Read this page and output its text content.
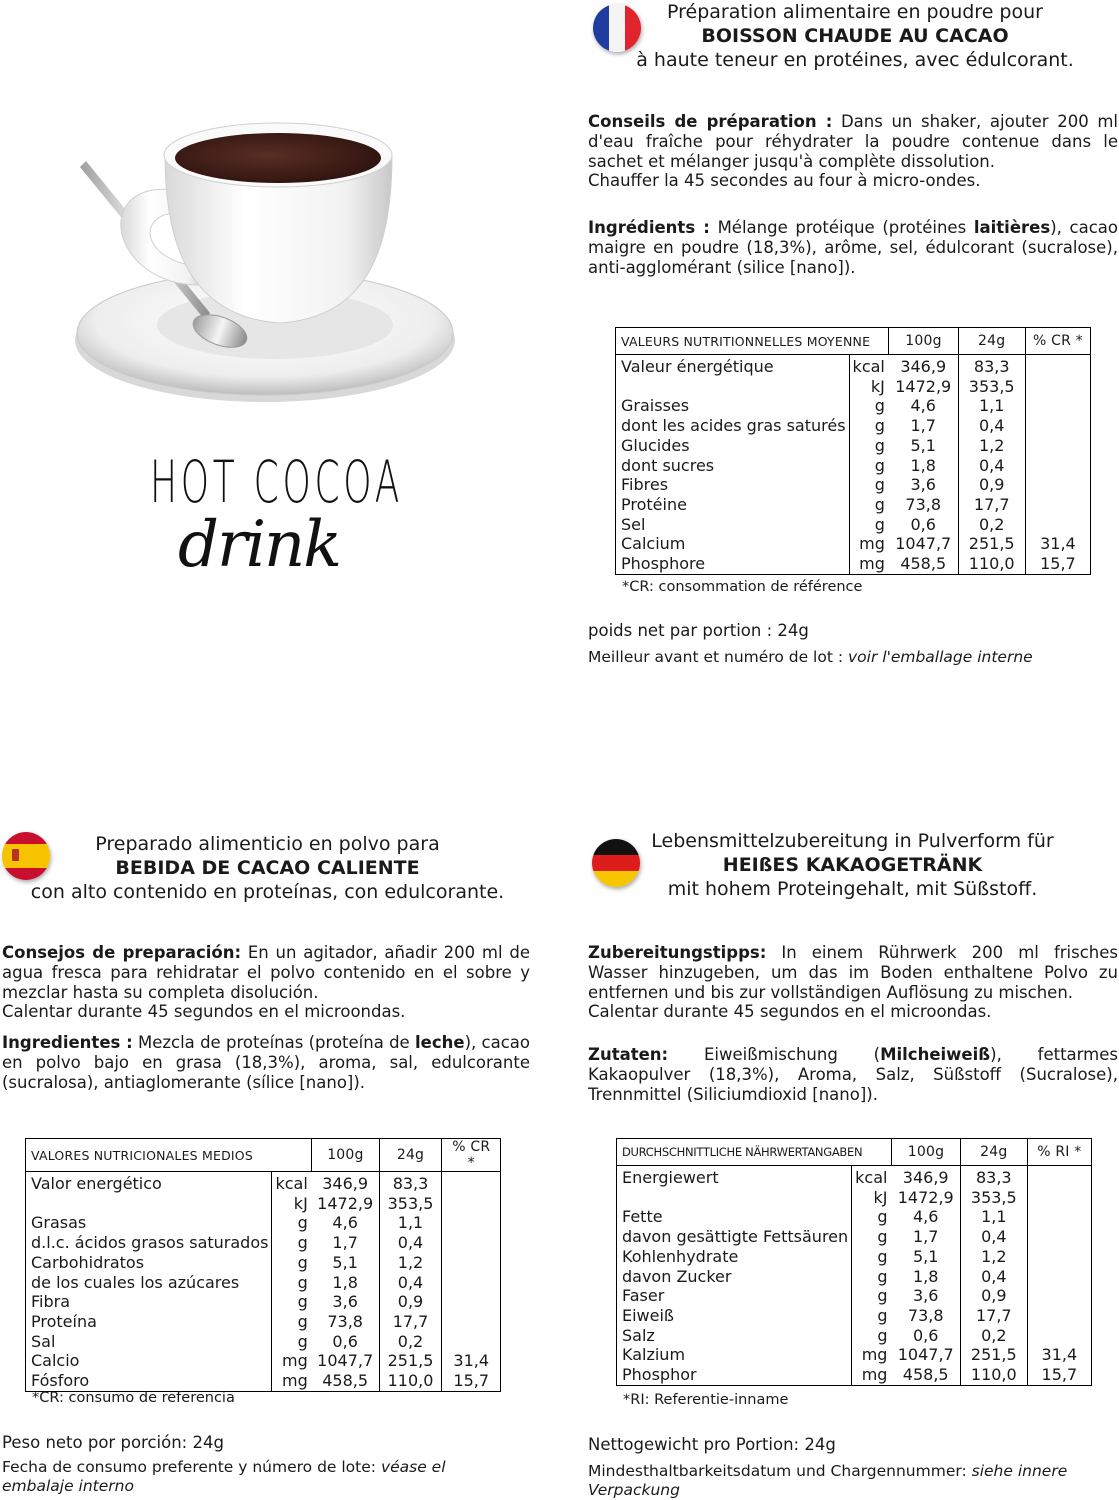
HOT COCOA
drink
Préparation alimentaire en poudre pour
BOISSON CHAUDE AU CACAO
à haute teneur en protéines, avec édulcorant.

Conseils de préparation : Dans un shaker, ajouter 200 ml d'eau fraîche pour réhydrater la poudre contenue dans le sachet et mélanger jusqu'à complète dissolution.

Chauffer la 45 secondes au four à micro-ondes.

Ingrédients : Mélange protéique (protéines laitières), cacao maigre en poudre (18,3%), arôme, sel, édulcorant (sucralose), anti-agglomérant (silice [nano]).

VALEURS NUTRITIONNELLES MOYENNE		100g	24g	% CR *
Valeur énergétique	kcal	346,9	83,3	
	kJ	1472,9	353,5	
Graisses	g	4,6	1,1	
dont les acides gras saturés	g	1,7	0,4	
Glucides	g	5,1	1,2	
dont sucres	g	1,8	0,4	
Fibres	g	3,6	0,9	
Protéine	g	73,8	17,7	
Sel	g	0,6	0,2	
Calcium	mg	1047,7	251,5	31,4
Phosphore	mg	458,5	110,0	15,7
*CR: consommation de référence
poids net par portion : 24g
Meilleur avant et numéro de lot : voir l'emballage interne
Preparado alimenticio en polvo para
BEBIDA DE CACAO CALIENTE
con alto contenido en proteínas, con edulcorante.

Consejos de preparación: En un agitador, añadir 200 ml de agua fresca para rehidratar el polvo contenido en el sobre y mezclar hasta su completa disolución.

Calentar durante 45 segundos en el microondas.

Ingredientes : Mezcla de proteínas (proteína de leche), cacao en polvo bajo en grasa (18,3%), aroma, sal, edulcorante (sucralosa), antiaglomerante (sílice [nano]).

VALORES NUTRICIONALES MEDIOS		100g	24g	% CR *
Valor energético	kcal	346,9	83,3	
	kJ	1472,9	353,5	
Grasas	g	4,6	1,1	
d.l.c. ácidos grasos saturados	g	1,7	0,4	
Carbohidratos	g	5,1	1,2	
de los cuales los azúcares	g	1,8	0,4	
Fibra	g	3,6	0,9	
Proteína	g	73,8	17,7	
Sal	g	0,6	0,2	
Calcio	mg	1047,7	251,5	31,4
Fósforo	mg	458,5	110,0	15,7
*CR: consumo de referencia
Peso neto por porción: 24g
Fecha de consumo preferente y número de lote: véase el embalaje interno
Lebensmittelzubereitung in Pulverform für
HEIßES KAKAOGETRÄNK
mit hohem Proteingehalt, mit Süßstoff.

Zubereitungstipps: In einem Rührwerk 200 ml frisches Wasser hinzugeben, um das im Boden enthaltene Polvo zu entfernen und bis zur vollständigen Auflösung zu mischen.

Calentar durante 45 segundos en el microondas.

Zutaten: Eiweißmischung (Milcheiweiß), fettarmes Kakaopulver (18,3%), Aroma, Salz, Süßstoff (Sucralose), Trennmittel (Siliciumdioxid [nano]).

DURCHSCHNITTLICHE NÄHRWERTANGABEN		100g	24g	% RI *
Energiewert	kcal	346,9	83,3	
	kJ	1472,9	353,5	
Fette	g	4,6	1,1	
davon gesättigte Fettsäuren	g	1,7	0,4	
Kohlenhydrate	g	5,1	1,2	
davon Zucker	g	1,8	0,4	
Faser	g	3,6	0,9	
Eiweiß	g	73,8	17,7	
Salz	g	0,6	0,2	
Kalzium	mg	1047,7	251,5	31,4
Phosphor	mg	458,5	110,0	15,7
*RI: Referentie-inname
Nettogewicht pro Portion: 24g
Mindesthaltbarkeitsdatum und Chargennummer: siehe innere Verpackung
